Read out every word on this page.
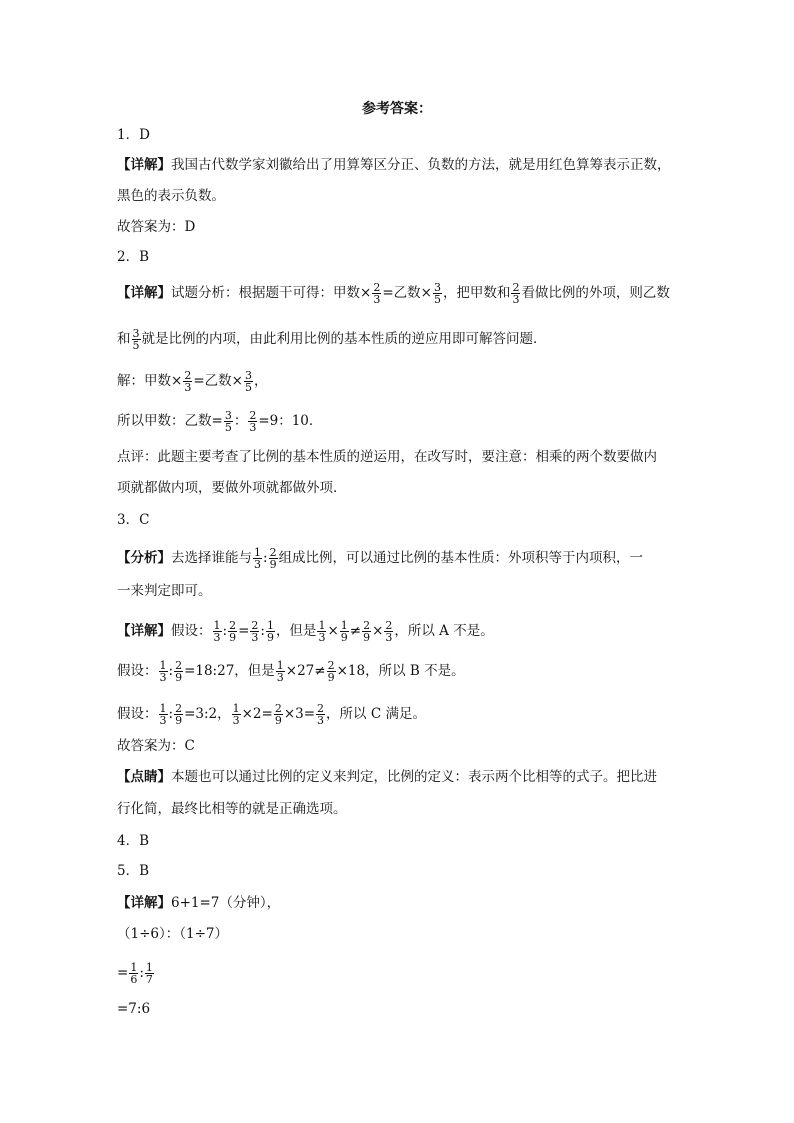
参考答案：
1．D
【详解】我国古代数学家刘徽给出了用算筹区分正、负数的方法，就是用红色算筹表示正数，
黑色的表示负数。
故答案为：D
2．B
【详解】试题分析：根据题干可得：甲数× $\frac{2}{3}$ =乙数× $\frac{3}{5}$ ，把甲数和 $\frac{2}{3}$ 看做比例的外项，则乙数
和 $\frac{3}{5}$ 就是比例的内项，由此利用比例的基本性质的逆应用即可解答问题．
解：甲数× $\frac{2}{3}$ =乙数× $\frac{3}{5}$ ，
所以甲数：乙数= $\frac{3}{5}$ ： $\frac{2}{3} =9$：10．
点评：此题主要考查了比例的基本性质的逆运用，在改写时，要注意：相乘的两个数要做内
项就都做内项，要做外项就都做外项．
3．C
【分析】去选择谁能与 $\frac{1}{3}$ : $\frac{2}{9}$ 组成比例，可以通过比例的基本性质：外项积等于内项积，一
一来判定即可。
【详解】假设： $\frac{1}{3}$ : $\frac{2}{9} = \frac{2}{3}$ : $\frac{1}{9}$ ，但是 $\frac{1}{3} \times \frac{1}{9} \ne \frac{2}{9} \times \frac{2}{3}$ ，所以 A 不是。
假设： $\frac{1}{3}$ : $\frac{2}{9}$ =18:27，但是 $\frac{1}{3} \times 27\ne \frac{2}{9} \times 18$，所以 B 不是。
假设： $\frac{1}{3}$ : $\frac{2}{9}$ =3:2， $\frac{1}{3} \times 2= \frac{2}{9} \times 3= \frac{2}{3}$ ，所以 C 满足。
故答案为：C
【点睛】本题也可以通过比例的定义来判定，比例的定义：表示两个比相等的式子。把比进
行化简，最终比相等的就是正确选项。
4．B
5．B
【详解】6+1=7（分钟），
（1÷6）：（1÷7）
= $\frac{1}{6}$ : $\frac{1}{7}$
=7:6
